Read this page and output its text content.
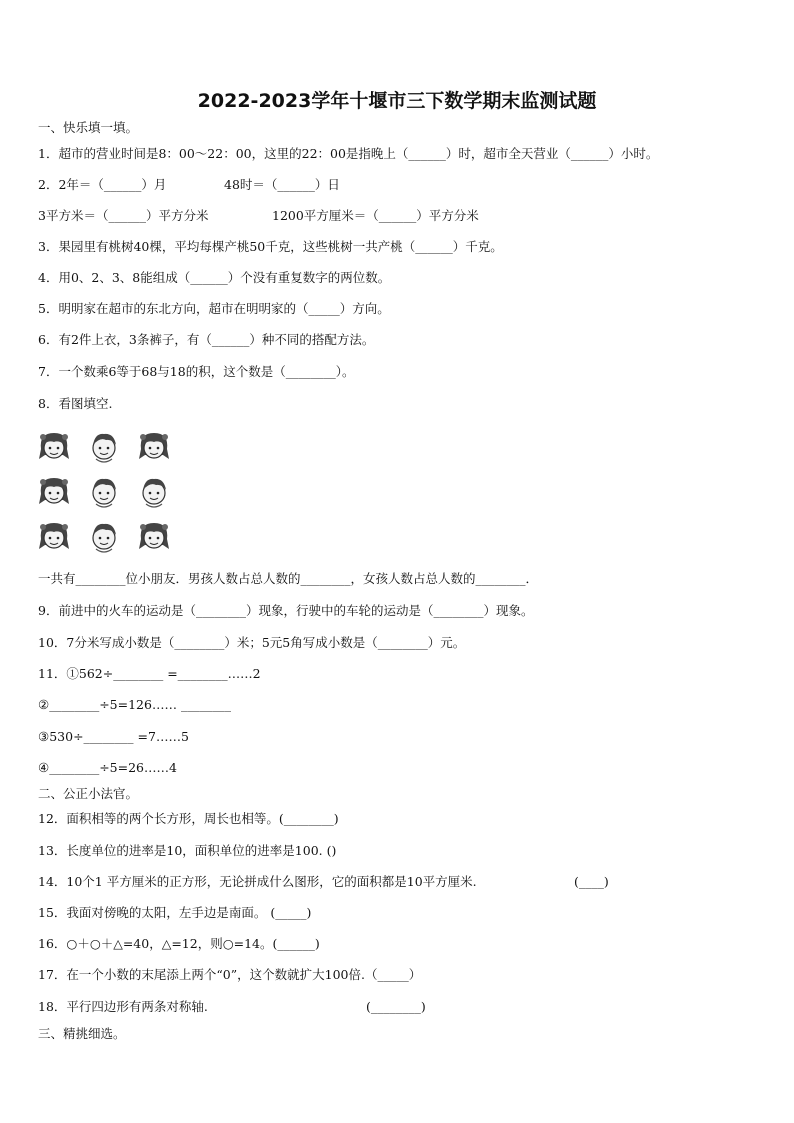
2022-2023学年十堰市三下数学期末监测试题
一、快乐填一填。
1．超市的营业时间是8：00～22：00，这里的22：00是指晚上（______）时，超市全天营业（______）小时。
2．2年＝（______）月	48时＝（______）日
3平方米＝（______）平方分米	1200平方厘米＝（______）平方分米
3．果园里有桃树40棵，平均每棵产桃50千克，这些桃树一共产桃（______）千克。
4．用0、2、3、8能组成（______）个没有重复数字的两位数。
5．明明家在超市的东北方向，超市在明明家的（_____）方向。
6．有2件上衣，3条裤子，有（______）种不同的搭配方法。
7．一个数乘6等于68与18的积，这个数是（________）。
8．看图填空.
一共有________位小朋友．男孩人数占总人数的________，女孩人数占总人数的________．
9．前进中的火车的运动是（________）现象，行驶中的车轮的运动是（________）现象。
10．7分米写成小数是（________）米；5元5角写成小数是（________）元。
11．①562÷________ =________……2
②________÷5=126…… ________
③530÷________ =7……5
④________÷5=26……4
二、公正小法官。
12．面积相等的两个长方形，周长也相等。(________)
13．长度单位的进率是10，面积单位的进率是100. ()
14．10个1 平方厘米的正方形，无论拼成什么图形，它的面积都是10平方厘米.	(____)
15．我面对傍晚的太阳，左手边是南面。 (_____)
16．○＋○＋△=40，△=12，则○=14。(______)
17．在一个小数的末尾添上两个“0”，这个数就扩大100倍.（_____）
18．平行四边形有两条对称轴.	(________)
三、精挑细选。
